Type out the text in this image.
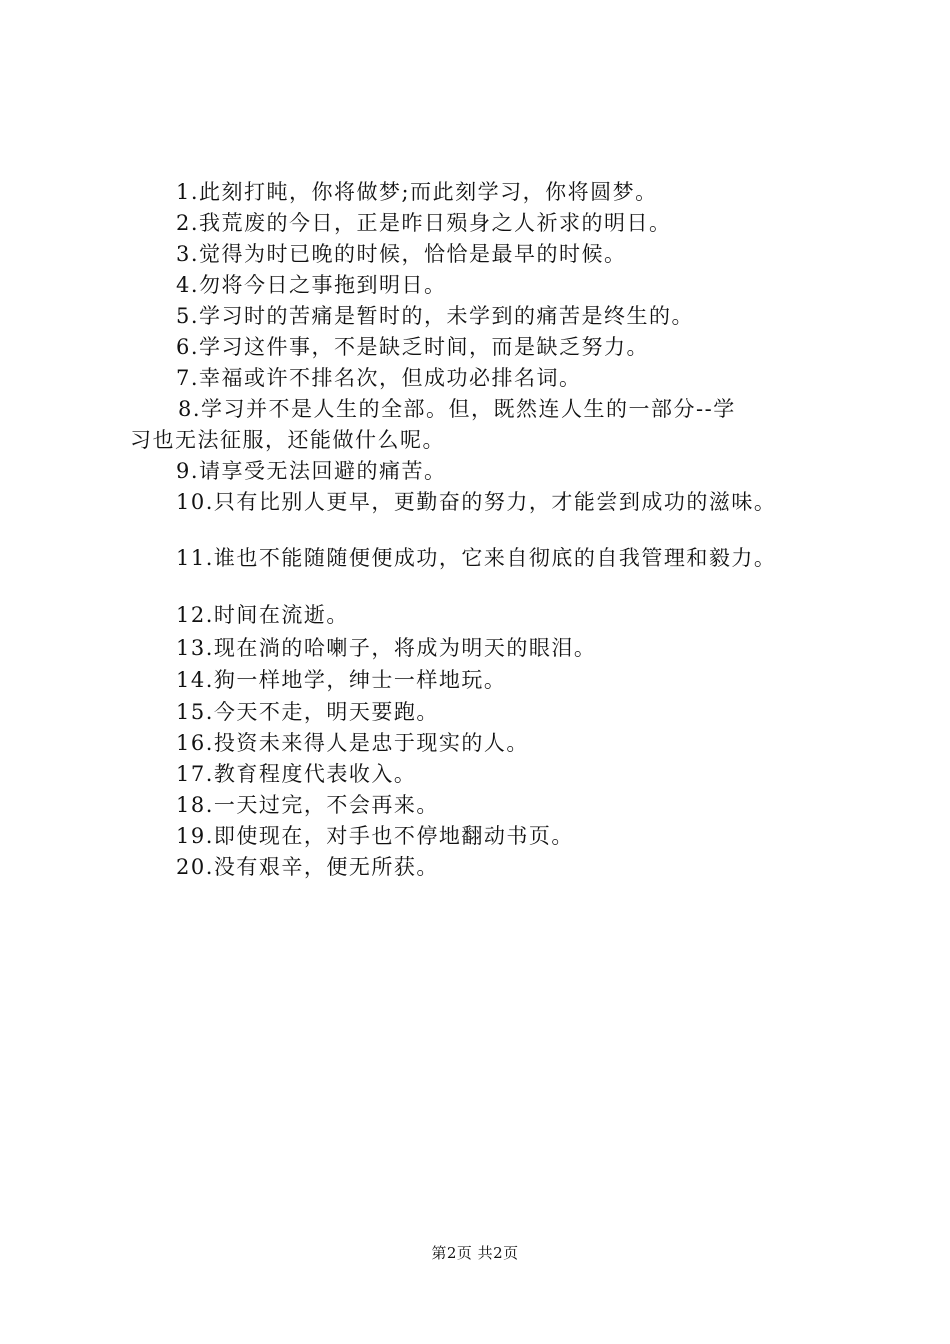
1.此刻打盹，你将做梦;而此刻学习，你将圆梦。
2.我荒废的今日，正是昨日殒身之人祈求的明日。
3.觉得为时已晚的时候，恰恰是最早的时候。
4.勿将今日之事拖到明日。
5.学习时的苦痛是暂时的，未学到的痛苦是终生的。
6.学习这件事，不是缺乏时间，而是缺乏努力。
7.幸福或许不排名次，但成功必排名词。
8.学习并不是人生的全部。但，既然连人生的一部分--学
习也无法征服，还能做什么呢。
9.请享受无法回避的痛苦。
10.只有比别人更早，更勤奋的努力，才能尝到成功的滋味。
11.谁也不能随随便便成功，它来自彻底的自我管理和毅力。
12.时间在流逝。
13.现在淌的哈喇子，将成为明天的眼泪。
14.狗一样地学，绅士一样地玩。
15.今天不走，明天要跑。
16.投资未来得人是忠于现实的人。
17.教育程度代表收入。
18.一天过完，不会再来。
19.即使现在，对手也不停地翻动书页。
20.没有艰辛，便无所获。
第2页 共2页
